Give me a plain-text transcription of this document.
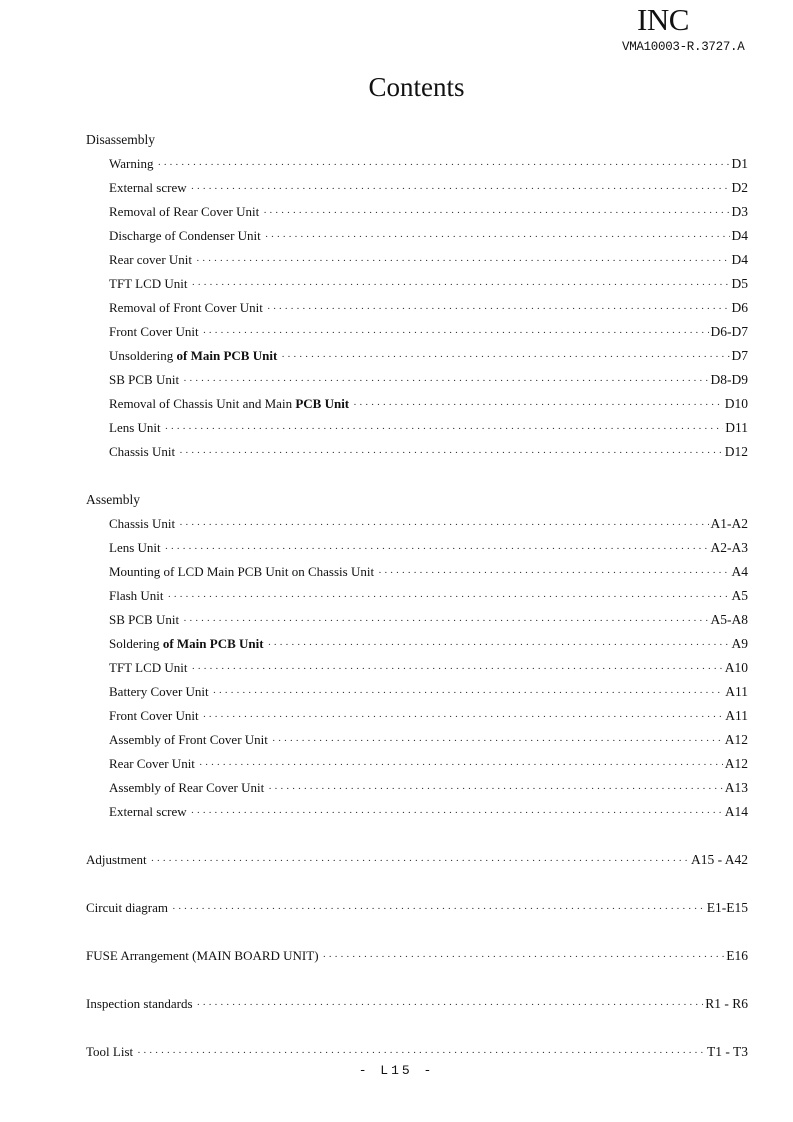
INC
VMA10003-R.3727.A
Contents
Disassembly
Warning ·····	D1
External screw ·····	D2
Removal of Rear Cover Unit ·····	D3
Discharge of Condenser Unit ·····	D4
Rear cover Unit ·····	D4
TFT LCD Unit ·····	D5
Removal of Front Cover Unit ·····	D6
Front Cover Unit ·····	D6-D7
Unsoldering of Main PCB Unit ·····	D7
SB PCB Unit ·····	D8-D9
Removal of Chassis Unit and Main PCB Unit ·····	D10
Lens Unit ·····	D11
Chassis Unit ·····	D12
Assembly
Chassis Unit ·····	A1-A2
Lens Unit ·····	A2-A3
Mounting of LCD Main PCB Unit on Chassis Unit ·····	A4
Flash Unit ·····	A5
SB PCB Unit ·····	A5-A8
Soldering of Main PCB Unit ·····	A9
TFT LCD Unit ·····	A10
Battery Cover Unit ·····	A11
Front Cover Unit ·····	A11
Assembly of Front Cover Unit ·····	A12
Rear Cover Unit ·····	A12
Assembly of Rear Cover Unit ·····	A13
External screw ·····	A14
Adjustment ·····	A15 - A42
Circuit diagram ·····	E1-E15
FUSE Arrangement (MAIN BOARD UNIT) ·····	E16
Inspection standards ·····	R1 - R6
Tool List ·····	T1 - T3
- L15 -
